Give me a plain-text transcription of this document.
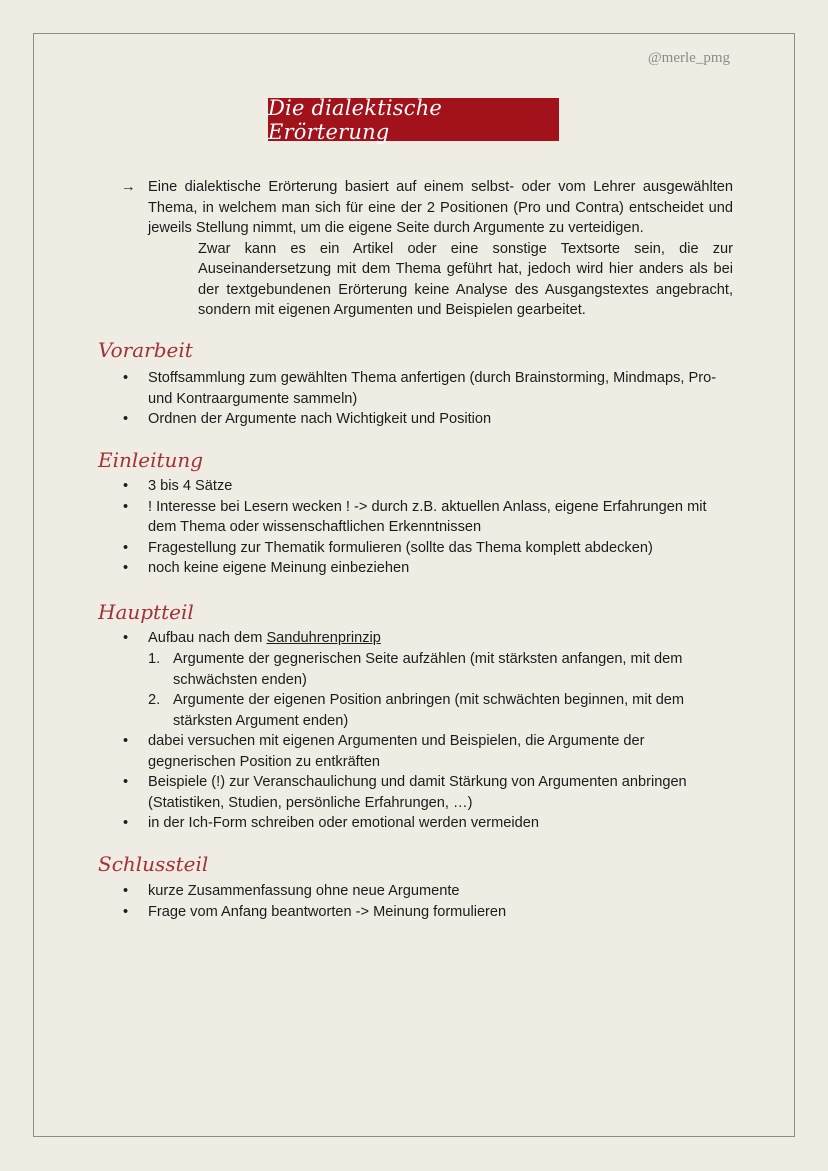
@merle_pmg
Die dialektische Erörterung
→ Eine dialektische Erörterung basiert auf einem selbst- oder vom Lehrer ausgewählten Thema, in welchem man sich für eine der 2 Positionen (Pro und Contra) entscheidet und jeweils Stellung nimmt, um die eigene Seite durch Argumente zu verteidigen.

Zwar kann es ein Artikel oder eine sonstige Textsorte sein, die zur Auseinandersetzung mit dem Thema geführt hat, jedoch wird hier anders als bei der textgebundenen Erörterung keine Analyse des Ausgangstextes angebracht, sondern mit eigenen Argumenten und Beispielen gearbeitet.

Vorarbeit
• Stoffsammlung zum gewählten Thema anfertigen (durch Brainstorming, Mindmaps, Pro- und Kontraargumente sammeln)
• Ordnen der Argumente nach Wichtigkeit und Position
Einleitung
• 3 bis 4 Sätze
• ! Interesse bei Lesern wecken ! -> durch z.B. aktuellen Anlass, eigene Erfahrungen mit dem Thema oder wissenschaftlichen Erkenntnissen
• Fragestellung zur Thematik formulieren (sollte das Thema komplett abdecken)
• noch keine eigene Meinung einbeziehen
Hauptteil
• Aufbau nach dem Sanduhrenprinzip
1. Argumente der gegnerischen Seite aufzählen (mit stärksten anfangen, mit dem schwächsten enden)
2. Argumente der eigenen Position anbringen (mit schwächten beginnen, mit dem stärksten Argument enden)
• dabei versuchen mit eigenen Argumenten und Beispielen, die Argumente der gegnerischen Position zu entkräften
• Beispiele (!) zur Veranschaulichung und damit Stärkung von Argumenten anbringen (Statistiken, Studien, persönliche Erfahrungen, …)
• in der Ich-Form schreiben oder emotional werden vermeiden
Schlussteil
• kurze Zusammenfassung ohne neue Argumente
• Frage vom Anfang beantworten -> Meinung formulieren
